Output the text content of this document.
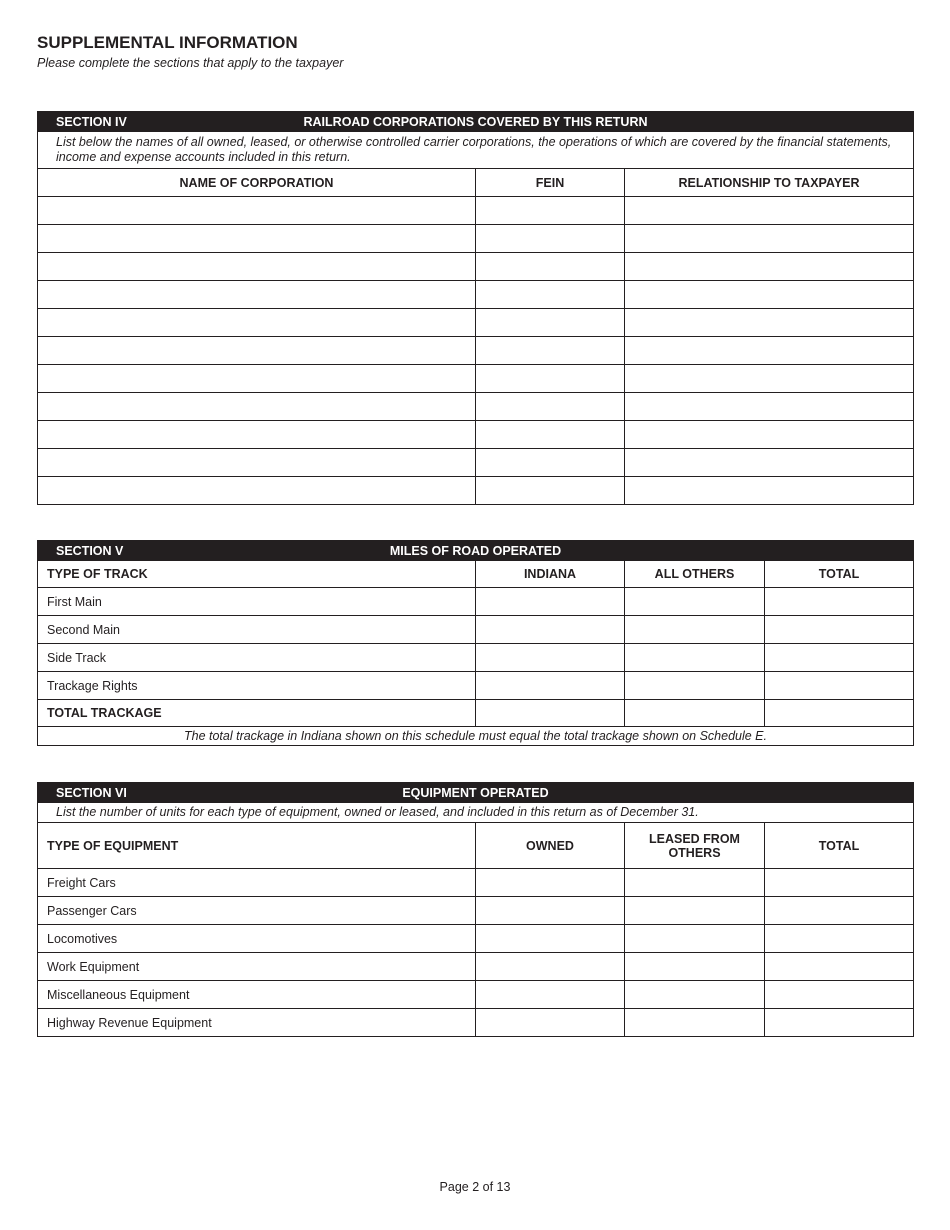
SUPPLEMENTAL INFORMATION

Please complete the sections that apply to the taxpayer

SECTION IV RAILROAD CORPORATIONS COVERED BY THIS RETURN		

List below the names of all owned, leased, or otherwise controlled carrier corporations, the operations of which are covered by the financial statements, income and expense accounts included in this return.		
NAME OF CORPORATION	FEIN	RELATIONSHIP TO TAXPAYER

SECTION V MILES OF ROAD OPERATED			

TYPE OF TRACK	INDIANA	ALL OTHERS	TOTAL
First Main			
Second Main			
Side Track			
Trackage Rights			
TOTAL TRACKAGE			
The total trackage in Indiana shown on this schedule must equal the total trackage shown on Schedule E.			
SECTION VI EQUIPMENT OPERATED			

List the number of units for each type of equipment, owned or leased, and included in this return as of December 31.			
TYPE OF EQUIPMENT	OWNED	LEASED FROM OTHERS	TOTAL
Freight Cars			
Passenger Cars			
Locomotives			
Work Equipment			
Miscellaneous Equipment			
Highway Revenue Equipment			
Page 2 of 13
